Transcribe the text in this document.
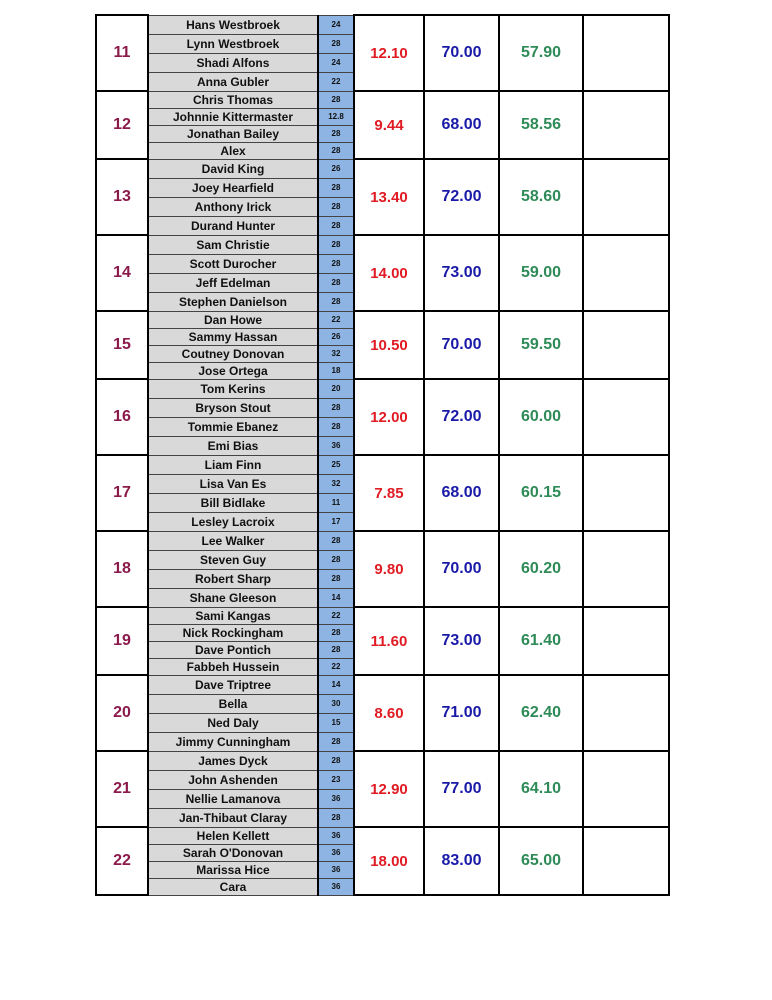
11	Hans Westbroek	24	12.10	70.00	57.90	
	Lynn Westbroek	28				
	Shadi Alfons	24				
	Anna Gubler	22				
12	Chris Thomas	28	9.44	68.00	58.56	
	Johnnie Kittermaster	12.8				
	Jonathan Bailey	28				
	Alex	28				
13	David King	26	13.40	72.00	58.60	
	Joey Hearfield	28				
	Anthony Irick	28				
	Durand Hunter	28				
14	Sam Christie	28	14.00	73.00	59.00	
	Scott Durocher	28				
	Jeff Edelman	28				
	Stephen Danielson	28				
15	Dan Howe	22	10.50	70.00	59.50	
	Sammy Hassan	26				
	Coutney Donovan	32				
	Jose Ortega	18				
16	Tom Kerins	20	12.00	72.00	60.00	
	Bryson Stout	28				
	Tommie Ebanez	28				
	Emi Bias	36				
17	Liam Finn	25	7.85	68.00	60.15	
	Lisa Van Es	32				
	Bill Bidlake	11				
	Lesley Lacroix	17				
18	Lee Walker	28	9.80	70.00	60.20	
	Steven Guy	28				
	Robert Sharp	28				
	Shane Gleeson	14				
19	Sami Kangas	22	11.60	73.00	61.40	
	Nick Rockingham	28				
	Dave Pontich	28				
	Fabbeh Hussein	22				
20	Dave Triptree	14	8.60	71.00	62.40	
	Bella	30				
	Ned Daly	15				
	Jimmy Cunningham	28				
21	James Dyck	28	12.90	77.00	64.10	
	John Ashenden	23				
	Nellie Lamanova	36				
	Jan-Thibaut Claray	28				
22	Helen Kellett	36	18.00	83.00	65.00	
	Sarah O'Donovan	36				
	Marissa Hice	36				
	Cara	36				
